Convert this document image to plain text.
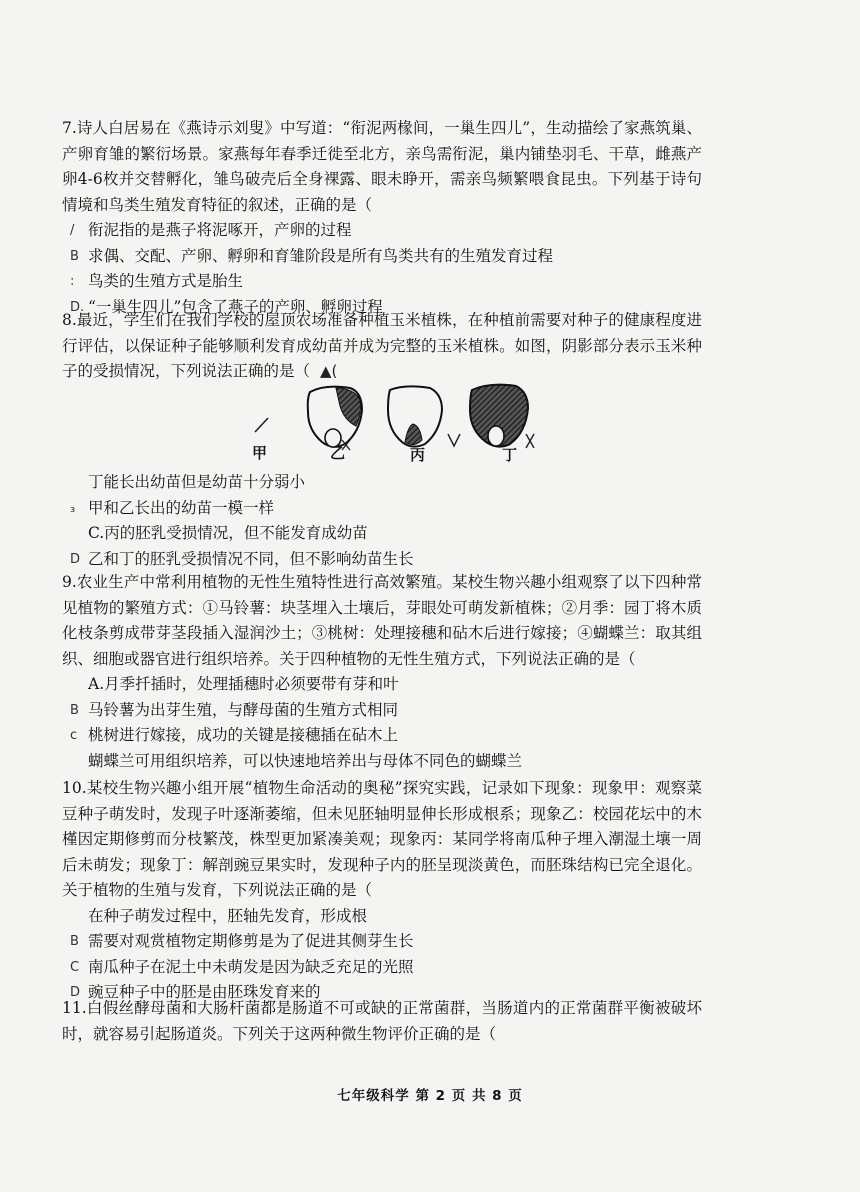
7.诗人白居易在《燕诗示刘叟》中写道：“衔泥两椽间，一巢生四儿”，生动描绘了家燕筑巢、产卵育雏的繁衍场景。家燕每年春季迁徙至北方，亲鸟需衔泥，巢内铺垫羽毛、干草，雌燕产卵4-6枚并交替孵化，雏鸟破壳后全身裸露、眼未睁开，需亲鸟频繁喂食昆虫。下列基于诗句情境和鸟类生殖发育特征的叙述，正确的是（

/ 衔泥指的是燕子将泥啄开，产卵的过程

B 求偶、交配、产卵、孵卵和育雏阶段是所有鸟类共有的生殖发育过程

: 鸟类的生殖方式是胎生

D. “一巢生四儿”包含了燕子的产卵、孵卵过程

8.最近，学生们在我们学校的屋顶农场准备种植玉米植株，在种植前需要对种子的健康程度进行评估，以保证种子能够顺利发育成幼苗并成为完整的玉米植株。如图，阴影部分表示玉米种子的受损情况，下列说法正确的是（ ▲(

甲	乙	丙	丁

丁能长出幼苗但是幼苗十分弱小

₃ 甲和乙长出的幼苗一模一样

C.丙的胚乳受损情况，但不能发育成幼苗

D 乙和丁的胚乳受损情况不同，但不影响幼苗生长

9.农业生产中常利用植物的无性生殖特性进行高效繁殖。某校生物兴趣小组观察了以下四种常见植物的繁殖方式：①马铃薯：块茎埋入土壤后，芽眼处可萌发新植株；②月季：园丁将木质化枝条剪成带芽茎段插入湿润沙土；③桃树：处理接穗和砧木后进行嫁接；④蝴蝶兰：取其组织、细胞或器官进行组织培养。关于四种植物的无性生殖方式，下列说法正确的是（

A.月季扦插时，处理插穗时必须要带有芽和叶

B 马铃薯为出芽生殖，与酵母菌的生殖方式相同

c 桃树进行嫁接，成功的关键是接穗插在砧木上

蝴蝶兰可用组织培养，可以快速地培养出与母体不同色的蝴蝶兰

10.某校生物兴趣小组开展“植物生命活动的奥秘”探究实践，记录如下现象：现象甲：观察菜豆种子萌发时，发现子叶逐渐萎缩，但未见胚轴明显伸长形成根系；现象乙：校园花坛中的木槿因定期修剪而分枝繁茂，株型更加紧凑美观；现象丙：某同学将南瓜种子埋入潮湿土壤一周后未萌发；现象丁：解剖豌豆果实时，发现种子内的胚呈现淡黄色，而胚珠结构已完全退化。关于植物的生殖与发育，下列说法正确的是（

在种子萌发过程中，胚轴先发育，形成根

B 需要对观赏植物定期修剪是为了促进其侧芽生长

C 南瓜种子在泥土中未萌发是因为缺乏充足的光照

D 豌豆种子中的胚是由胚珠发育来的

11.白假丝酵母菌和大肠杆菌都是肠道不可或缺的正常菌群，当肠道内的正常菌群平衡被破坏时，就容易引起肠道炎。下列关于这两种微生物评价正确的是（

七年级科学 第 2 页 共 8 页
